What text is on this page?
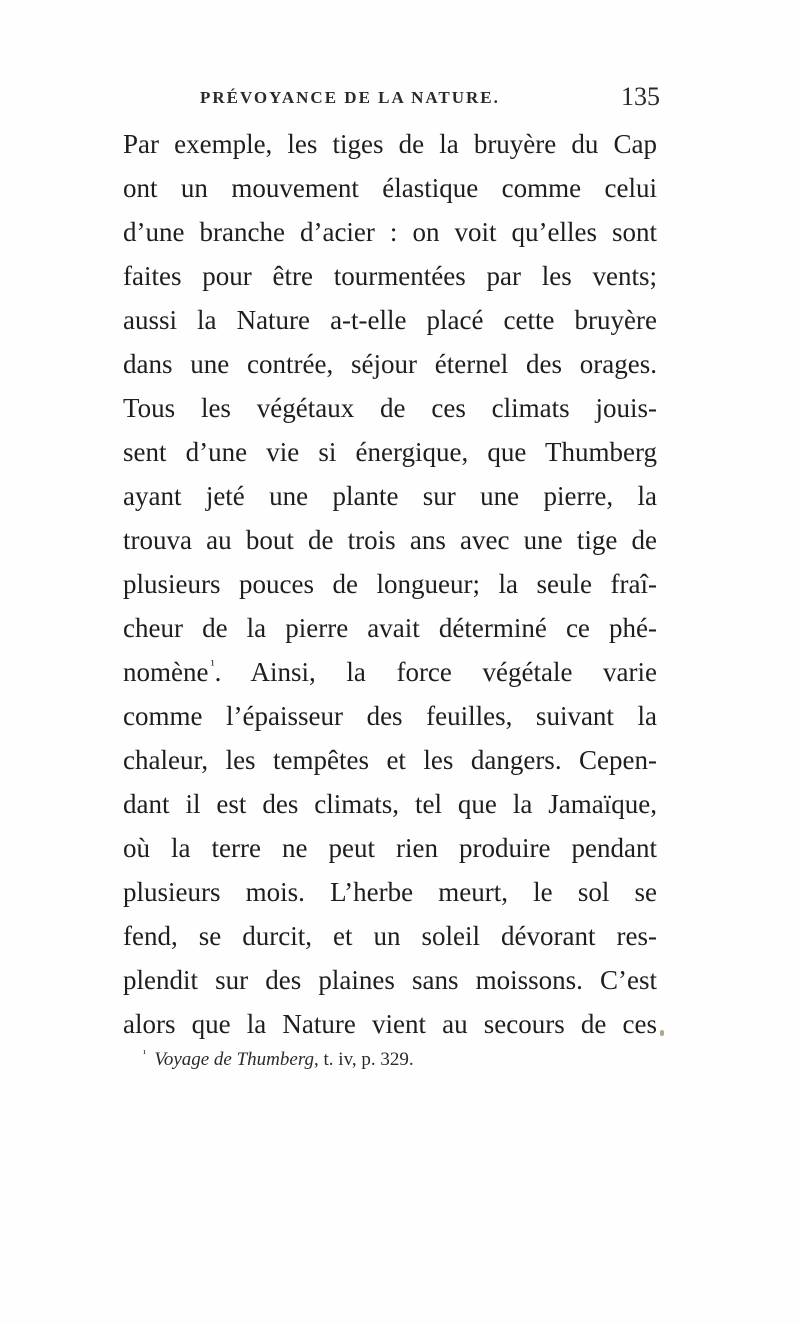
PRÉVOYANCE DE LA NATURE.	135
Par exemple, les tiges de la bruyère du Cap
ont un mouvement élastique comme celui
d’une branche d’acier : on voit qu’elles sont
faites pour être tourmentées par les vents;
aussi la Nature a-t-elle placé cette bruyère
dans une contrée, séjour éternel des orages.
Tous les végétaux de ces climats jouis-
sent d’une vie si énergique, que Thumberg
ayant jeté une plante sur une pierre, la
trouva au bout de trois ans avec une tige de
plusieurs pouces de longueur; la seule fraî-
cheur de la pierre avait déterminé ce phé-
nomène  $^{^1}$. Ainsi, la force végétale varie
comme l’épaisseur des feuilles, suivant la
chaleur, les tempêtes et les dangers. Cepen-
dant il est des climats, tel que la Jamaïque,
où la terre ne peut rien produire pendant
plusieurs mois. L’herbe meurt, le sol se
fend, se durcit, et un soleil dévorant res-
plendit sur des plaines sans moissons. C’est
alors que la Nature vient au secours de ces
$^{^1}$ Voyage de Thumberg, t. iv, p. 329.
